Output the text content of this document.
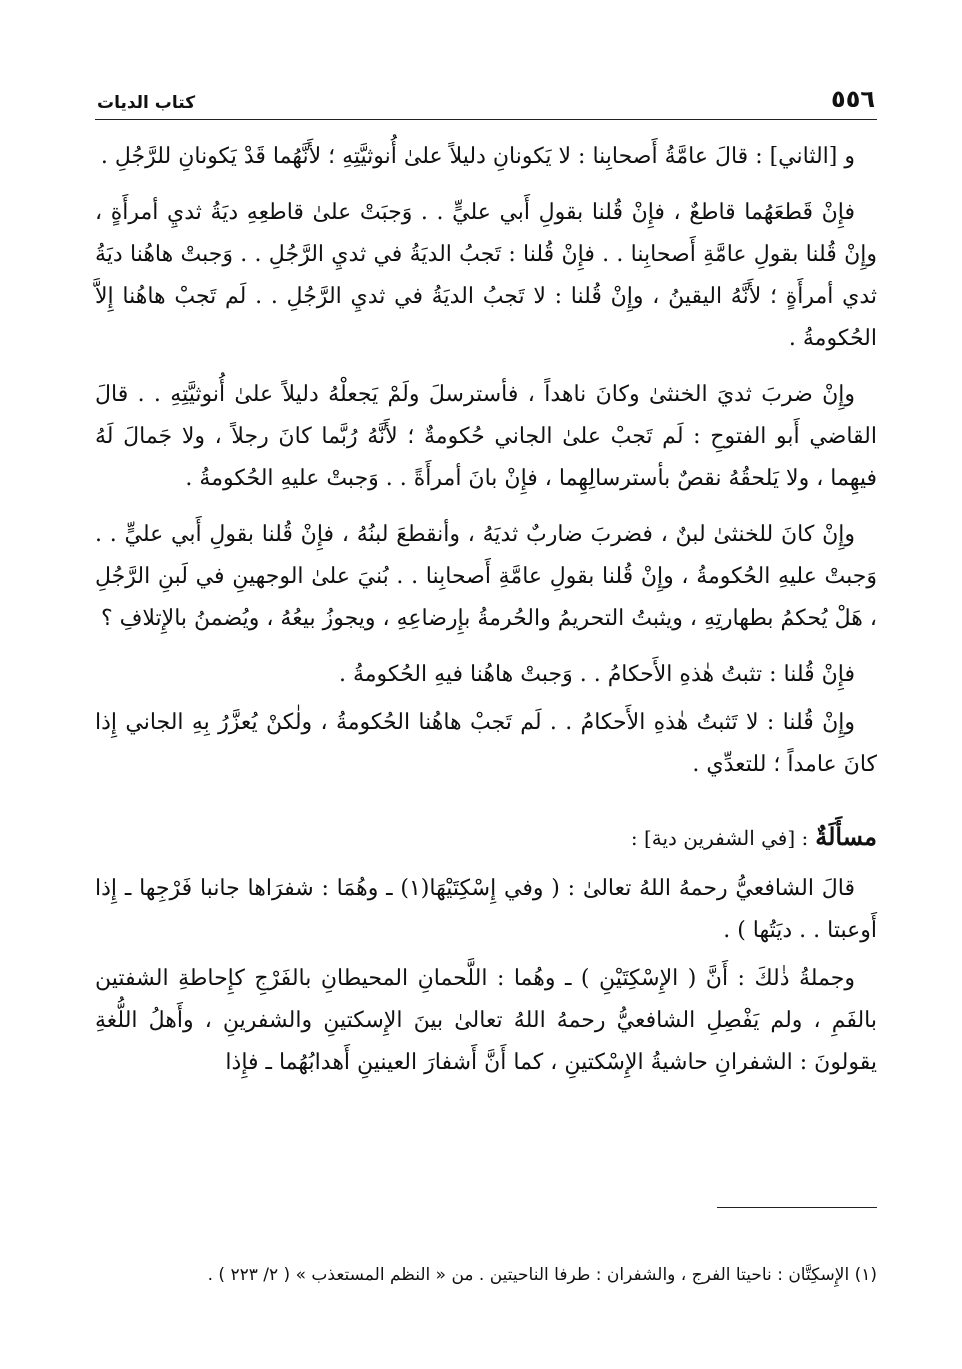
٥٥٦
كتاب الديات

و [الثاني] : قالَ عامَّةُ أَصحابِنا : لا يَكونانِ دليلاً علىٰ أُنوثيَّتِهِ ؛ لأَنَّهُما قَدْ يَكونانِ للرَّجُلِ .

فإِنْ قَطعَهُما قاطعٌ ، فإِنْ قُلنا بقولِ أَبي عليٍّ . . وَجبَتْ علىٰ قاطعِهِ ديَةُ ثديِ أمرأَةٍ ، وإِنْ قُلنا بقولِ عامَّةِ أَصحابِنا . . فإِنْ قُلنا : تَجبُ الديَةُ في ثديِ الرَّجُلِ . . وَجبتْ هاهُنا ديَةُ ثدي أمرأَةٍ ؛ لأَنَّهُ اليقينُ ، وإِنْ قُلنا : لا تَجبُ الديَةُ في ثديِ الرَّجُلِ . . لَم تَجبْ هاهُنا إِلاَّ الحُكومةُ .

وإِنْ ضربَ ثديَ الخنثىٰ وكانَ ناهداً ، فأسترسلَ ولَمْ يَجعلْهُ دليلاً علىٰ أُنوثيَّتِهِ . . قالَ القاضي أَبو الفتوحِ : لَم تَجبْ علىٰ الجاني حُكومةٌ ؛ لأَنَّهُ رُبَّما كانَ رجلاً ، ولا جَمالَ لَهُ فيهِما ، ولا يَلحقُهُ نقصٌ بأسترسالِهِما ، فإِنْ بانَ أمرأَةً . . وَجبتْ عليهِ الحُكومةُ .

وإِنْ كانَ للخنثىٰ لبنٌ ، فضربَ ضاربٌ ثديَهُ ، وأنقطعَ لبنُهُ ، فإِنْ قُلنا بقولِ أَبي عليٍّ . . وَجبتْ عليهِ الحُكومةُ ، وإِنْ قُلنا بقولِ عامَّةِ أَصحابِنا . . بُنيَ علىٰ الوجهينِ في لَبنِ الرَّجُلِ ، هَلْ يُحكمُ بطهارتِهِ ، ويثبتُ التحريمُ والحُرمةُ بإِرضاعِهِ ، ويجوزُ بيعُهُ ، ويُضمنُ بالإِتلافِ ؟

فإِنْ قُلنا : تثبتُ هٰذهِ الأَحكامُ . . وَجبتْ هاهُنا فيهِ الحُكومةُ .

وإِنْ قُلنا : لا تَثبتُ هٰذهِ الأَحكامُ . . لَم تَجبْ هاهُنا الحُكومةُ ، ولٰكنْ يُعزَّرُ بِهِ الجاني إِذا كانَ عامداً ؛ للتعدِّي .

مسأَلَةٌ : [في الشفرين دية] :

قالَ الشافعيُّ رحمهُ اللهُ تعالىٰ : ( وفي إِسْكِتَيْهَا(١) ـ وهُمَا : شفرَاها جانبا فَرْجِها ـ إِذا أَوعبتا . . ديَتُها ) .

وجملةُ ذٰلكَ : أَنَّ ( الإِسْكِتَيْنِ ) ـ وهُما : اللَّحمانِ المحيطانِ بالفَرْجِ كإِحاطةِ الشفتين بالفَمِ ، ولم يَفْصِلِ الشافعيُّ رحمهُ اللهُ تعالىٰ بينَ الإِسكتينِ والشفرينِ ، وأَهلُ اللُّغةِ يقولونَ : الشفرانِ حاشيةُ الإِسْكتينِ ، كما أَنَّ أَشفارَ العينينِ أَهدابُهُما ـ فإِذا

(١) الإِسكِتَّان : ناحيتا الفرج ، والشفران : طرفا الناحيتين . من « النظم المستعذب » ( ٢/ ٢٢٣ ) .
